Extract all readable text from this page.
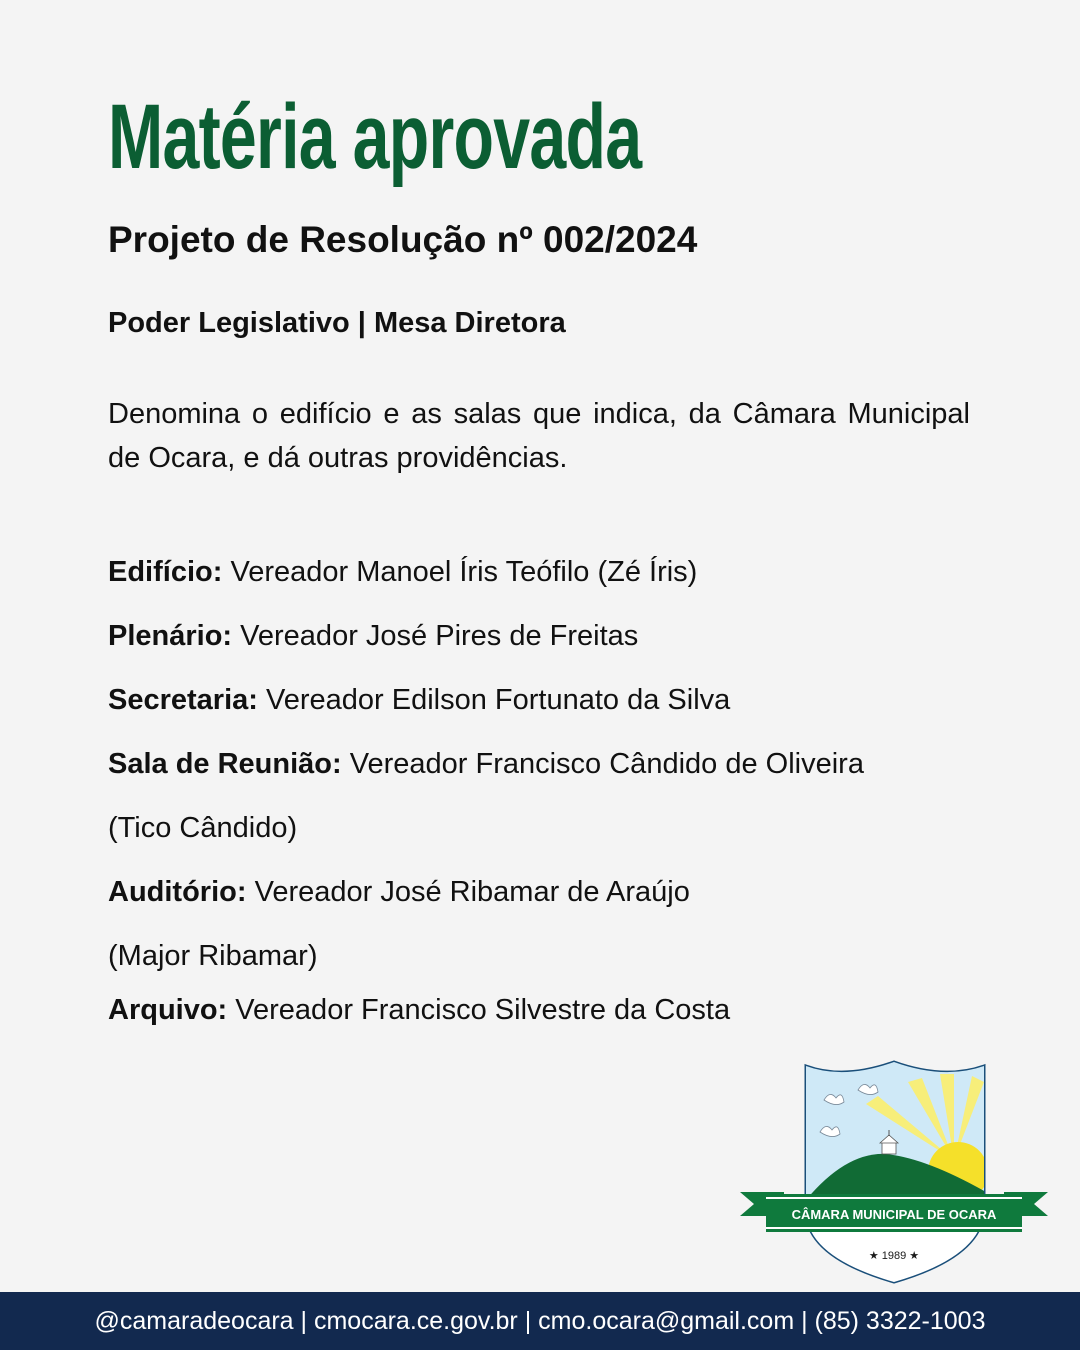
Matéria aprovada
Projeto de Resolução nº 002/2024

Poder Legislativo | Mesa Diretora

Denomina o edifício e as salas que indica, da Câmara Municipal de Ocara, e dá outras providências.

Edifício: Vereador Manoel Íris Teófilo (Zé Íris)

Plenário: Vereador José Pires de Freitas

Secretaria: Vereador Edilson Fortunato da Silva

Sala de Reunião: Vereador Francisco Cândido de Oliveira

(Tico Cândido)

Auditório: Vereador José Ribamar de Araújo

(Major Ribamar)

Arquivo: Vereador Francisco Silvestre da Costa

CÂMARA MUNICIPAL DE OCARA
★ 1989 ★
@camaradeocara | cmocara.ce.gov.br | cmo.ocara@gmail.com | (85) 3322-1003
